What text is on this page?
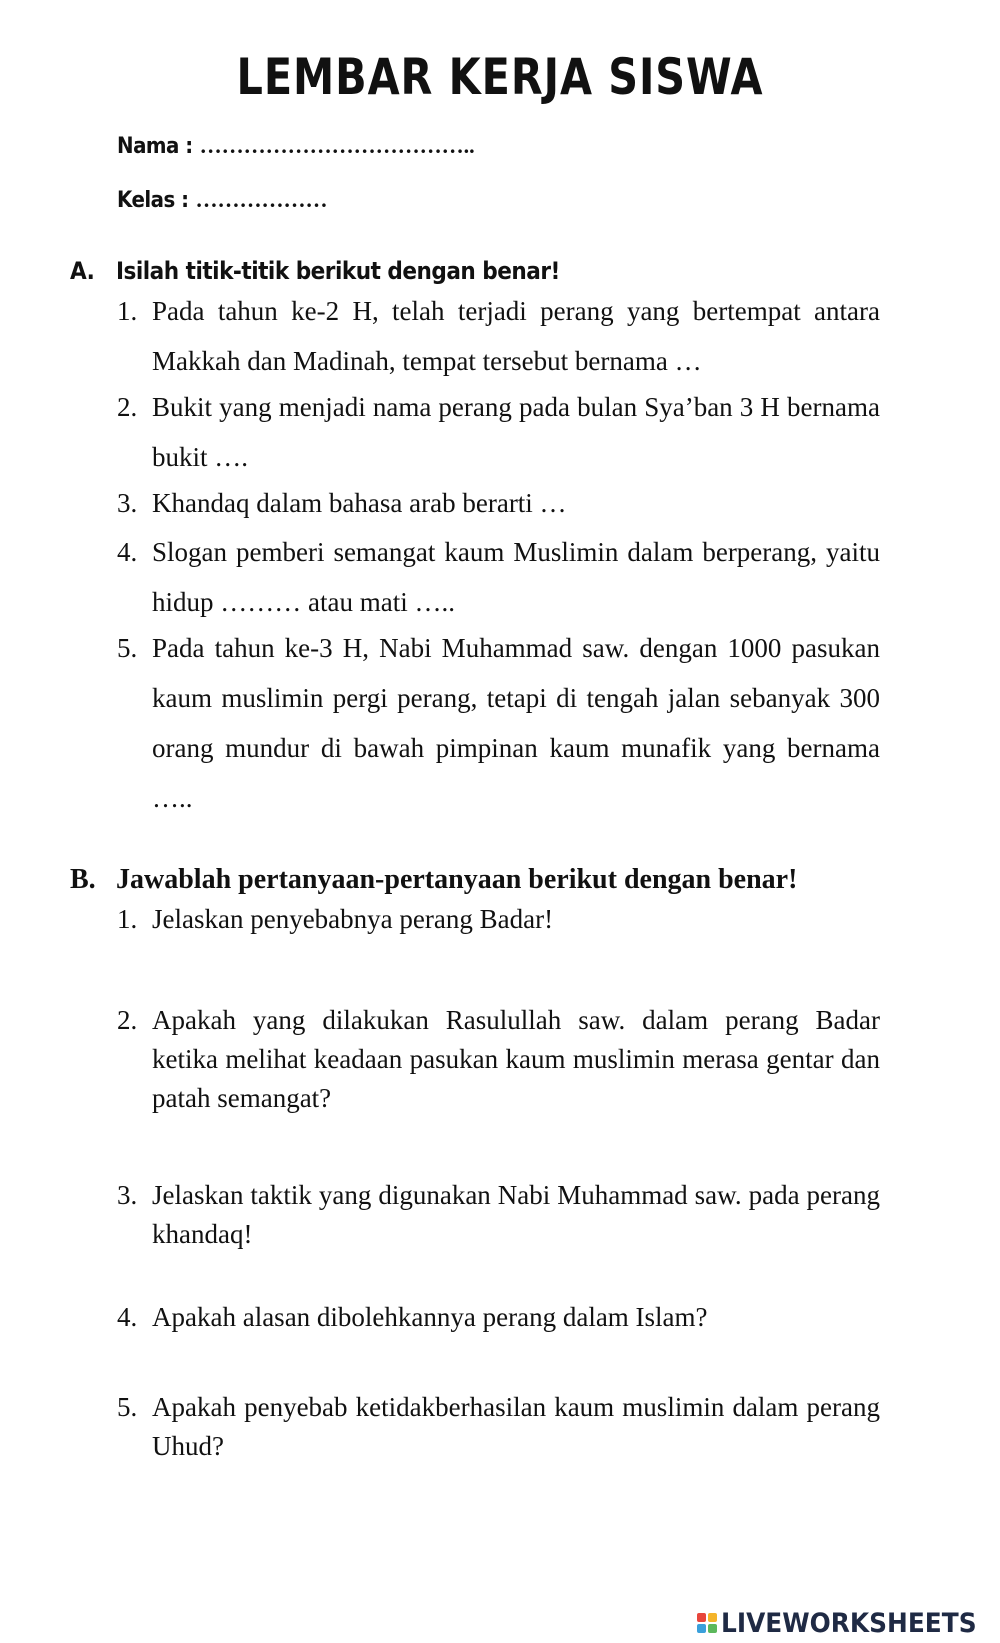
LEMBAR KERJA SISWA
Nama : ………………………………..
Kelas : ………………
A. Isilah titik-titik berikut dengan benar!
1. Pada tahun ke-2 H, telah terjadi perang yang bertempat antara Makkah dan Madinah, tempat tersebut bernama …
2. Bukit yang menjadi nama perang pada bulan Sya’ban 3 H bernama bukit ….
3. Khandaq dalam bahasa arab berarti …
4. Slogan pemberi semangat kaum Muslimin dalam berperang, yaitu hidup ……… atau mati …..
5. Pada tahun ke-3 H, Nabi Muhammad saw. dengan 1000 pasukan kaum muslimin pergi perang, tetapi di tengah jalan sebanyak 300 orang mundur di bawah pimpinan kaum munafik yang bernama …..
B. Jawablah pertanyaan-pertanyaan berikut dengan benar!
1. Jelaskan penyebabnya perang Badar!
2. Apakah yang dilakukan Rasulullah saw. dalam perang Badar ketika melihat keadaan pasukan kaum muslimin merasa gentar dan patah semangat?
3. Jelaskan taktik yang digunakan Nabi Muhammad saw. pada perang khandaq!
4. Apakah alasan dibolehkannya perang dalam Islam?
5. Apakah penyebab ketidakberhasilan kaum muslimin dalam perang Uhud?
LIVEWORKSHEETS
